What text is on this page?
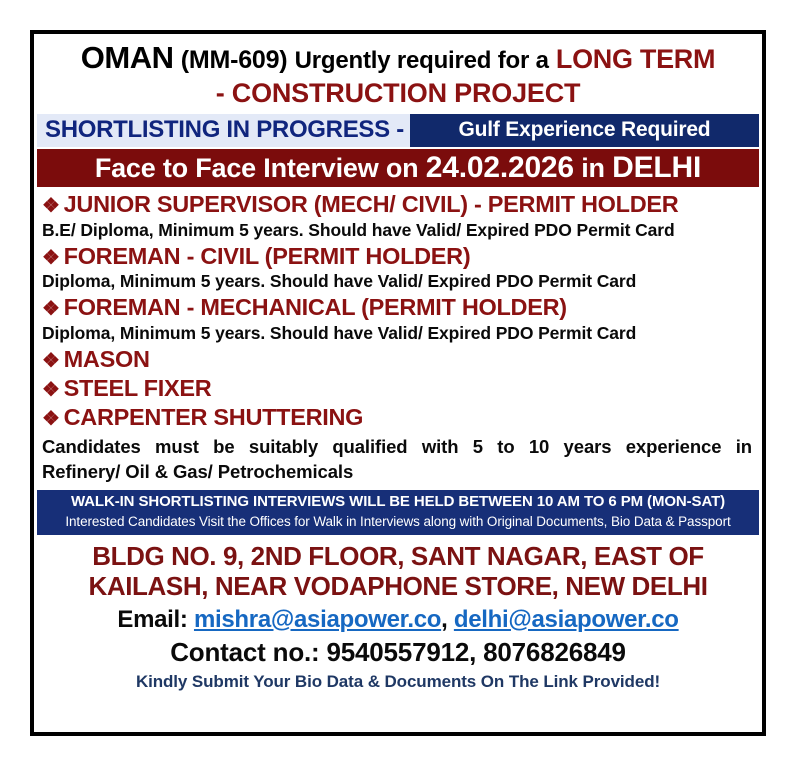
OMAN (MM-609) Urgently required for a LONG TERM
- CONSTRUCTION PROJECT
SHORTLISTING IN PROGRESS -	Gulf Experience Required
Face to Face Interview on 24.02.2026 in DELHI
❖ JUNIOR SUPERVISOR (MECH/ CIVIL) - PERMIT HOLDER
B.E/ Diploma, Minimum 5 years. Should have Valid/ Expired PDO Permit Card
❖ FOREMAN - CIVIL (PERMIT HOLDER)
Diploma, Minimum 5 years. Should have Valid/ Expired PDO Permit Card
❖ FOREMAN - MECHANICAL (PERMIT HOLDER)
Diploma, Minimum 5 years. Should have Valid/ Expired PDO Permit Card
❖ MASON
❖ STEEL FIXER
❖ CARPENTER SHUTTERING
Candidates must be suitably qualified with 5 to 10 years experience in
Refinery/ Oil & Gas/ Petrochemicals
WALK-IN SHORTLISTING INTERVIEWS WILL BE HELD BETWEEN 10 AM TO 6 PM (MON-SAT)
Interested Candidates Visit the Offices for Walk in Interviews along with Original Documents, Bio Data & Passport
BLDG NO. 9, 2ND FLOOR, SANT NAGAR, EAST OF
KAILASH, NEAR VODAPHONE STORE, NEW DELHI
Email: mishra@asiapower.co, delhi@asiapower.co
Contact no.: 9540557912, 8076826849
Kindly Submit Your Bio Data & Documents On The Link Provided!
